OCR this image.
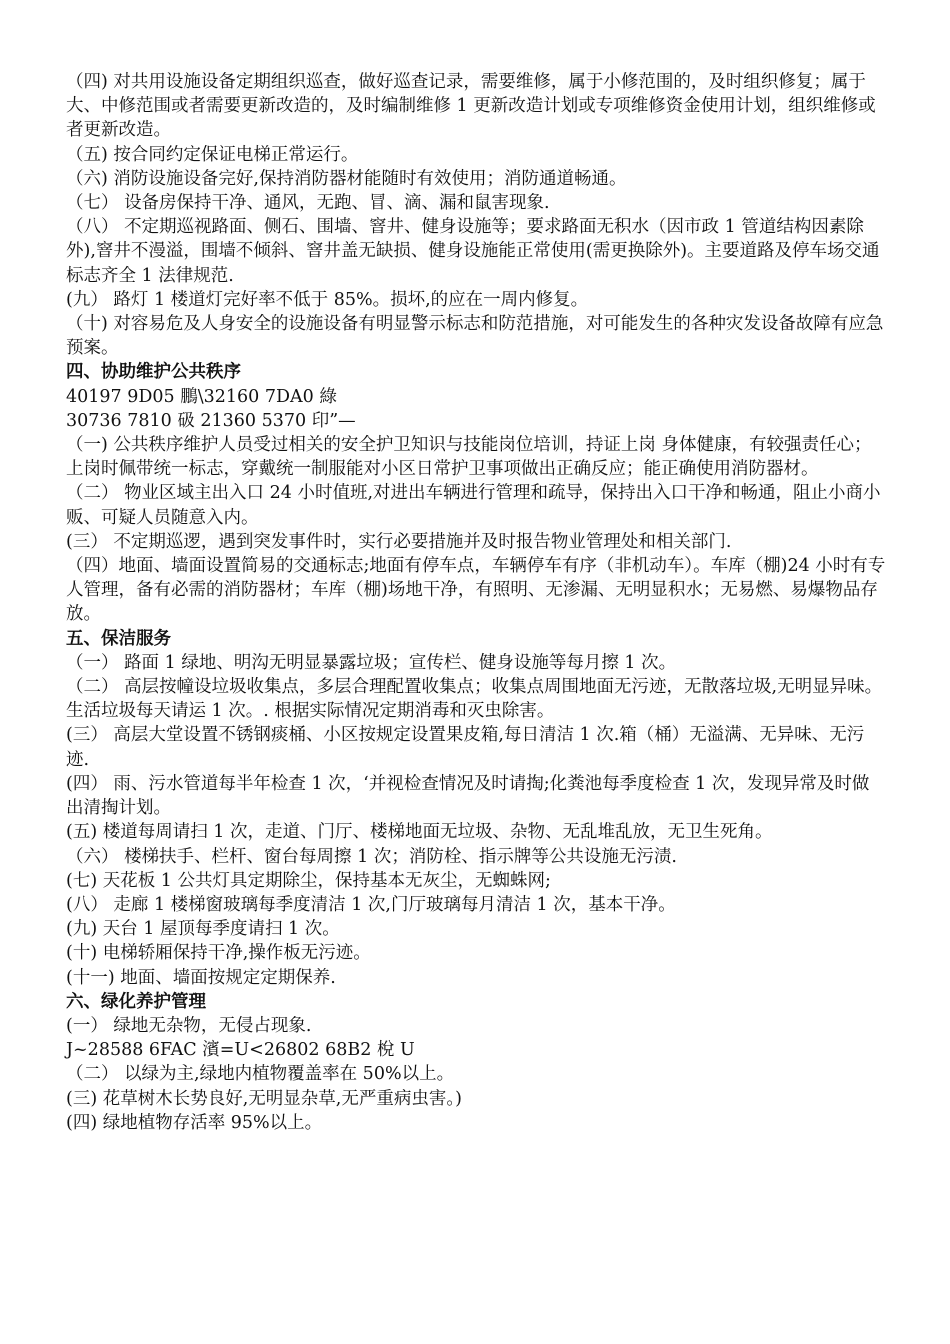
（四) 对共用设施设备定期组织巡查，做好巡查记录，需要维修，属于小修范围的，及时组织修复；属于大、中修范围或者需要更新改造的，及时编制维修 1 更新改造计划或专项维修资金使用计划，组织维修或者更新改造。

（五) 按合同约定保证电梯正常运行。

（六) 消防设施设备完好,保持消防器材能随时有效使用；消防通道畅通。

（七） 设备房保持干净、通风，无跑、冒、滴、漏和鼠害现象.

（八） 不定期巡视路面、侧石、围墙、窨井、健身设施等；要求路面无积水（因市政 1 管道结构因素除外),窨井不漫溢，围墙不倾斜、窨井盖无缺损、健身设施能正常使用(需更换除外)。主要道路及停车场交通标志齐全 1 法律规范.

(九） 路灯 1 楼道灯完好率不低于 85%。损坏,的应在一周内修复。

（十) 对容易危及人身安全的设施设备有明显警示标志和防范措施，对可能发生的各种灾发设备故障有应急预案。

四、协助维护公共秩序

40197 9D05 鵬\32160 7DA0 綠

30736 7810 砐 21360 5370 印”—

（一) 公共秩序维护人员受过相关的安全护卫知识与技能岗位培训，持证上岗 身体健康，有较强责任心；上岗时佩带统一标志，穿戴统一制服能对小区日常护卫事项做出正确反应；能正确使用消防器材。

（二） 物业区域主出入口 24 小时值班,对进出车辆进行管理和疏导，保持出入口干净和畅通，阻止小商小贩、可疑人员随意入内。

(三） 不定期巡逻，遇到突发事件时，实行必要措施并及时报告物业管理处和相关部门.

（四）地面、墙面设置简易的交通标志;地面有停车点，车辆停车有序（非机动车）。车库（棚)24 小时有专人管理，备有必需的消防器材；车库（棚)场地干净，有照明、无渗漏、无明显积水；无易燃、易爆物品存放。

五、保洁服务

（一） 路面 1 绿地、明沟无明显暴露垃圾；宣传栏、健身设施等每月擦 1 次。

（二） 高层按幢设垃圾收集点，多层合理配置收集点；收集点周围地面无污迹，无散落垃圾,无明显异味。生活垃圾每天请运 1 次。. 根据实际情况定期消毒和灭虫除害。

(三） 高层大堂设置不锈钢痰桶、小区按规定设置果皮箱,每日清洁 1 次.箱（桶）无溢满、无异味、无污迹.

(四） 雨、污水管道每半年检查 1 次，‘并视检查情况及时请掏;化粪池每季度检查 1 次，发现异常及时做出清掏计划。

(五) 楼道每周请扫 1 次，走道、门厅、楼梯地面无垃圾、杂物、无乱堆乱放，无卫生死角。

（六） 楼梯扶手、栏杆、窗台每周擦 1 次；消防栓、指示牌等公共设施无污渍.

(七) 天花板 1 公共灯具定期除尘，保持基本无灰尘，无蜘蛛网;

(八） 走廊 1 楼梯窗玻璃每季度清洁 1 次,门厅玻璃每月清洁 1 次，基本干净。

(九) 天台 1 屋顶每季度请扫 1 次。

(十) 电梯轿厢保持干净,操作板无污迹。

(十一) 地面、墙面按规定定期保养.

六、绿化养护管理

(一） 绿地无杂物，无侵占现象.

J~28588 6FAC 濱=U<26802 68B2 梲 U

（二） 以绿为主,绿地内植物覆盖率在 50%以上。

(三) 花草树木长势良好,无明显杂草,无严重病虫害。)

(四) 绿地植物存活率 95%以上。
